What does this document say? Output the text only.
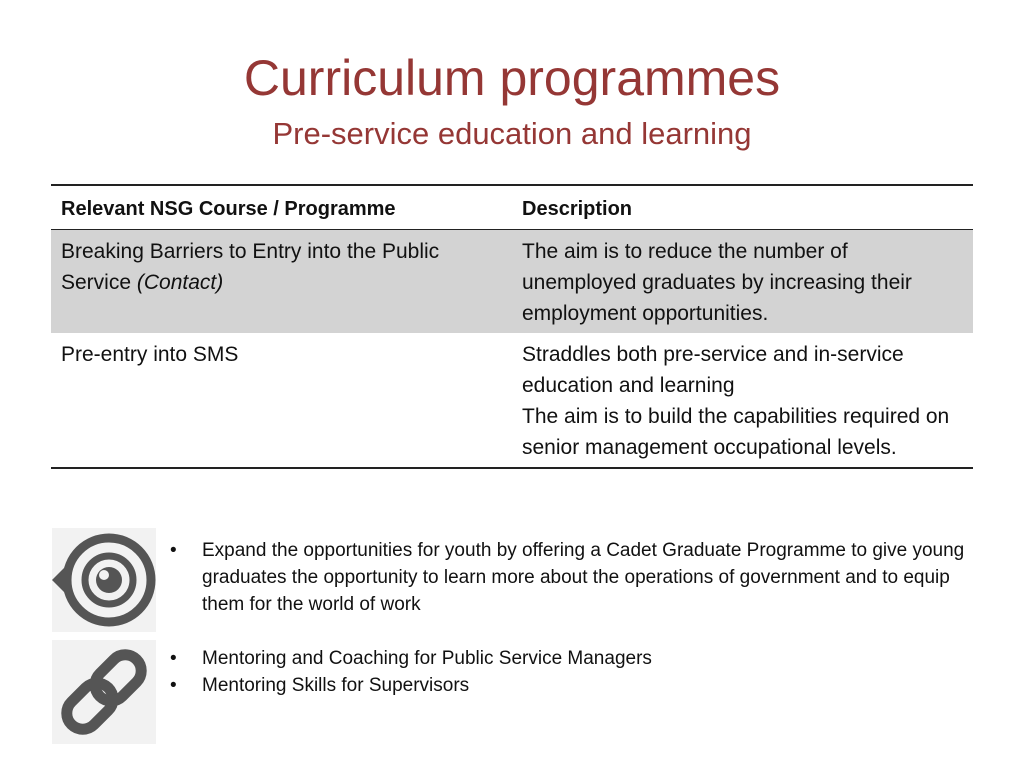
Curriculum programmes
Pre-service education and learning
Relevant NSG Course / Programme	Description
Breaking Barriers to Entry into the Public Service (Contact)	The aim is to reduce the number of unemployed graduates by increasing their employment opportunities.

Pre-entry into SMS	Straddles both pre-service and in-service education and learning
The aim is to build the capabilities required on senior management occupational levels.
• Expand the opportunities for youth by offering a Cadet Graduate Programme to give young graduates the opportunity to learn more about the operations of government and to equip them for the world of work
• Mentoring and Coaching for Public Service Managers
• Mentoring Skills for Supervisors
